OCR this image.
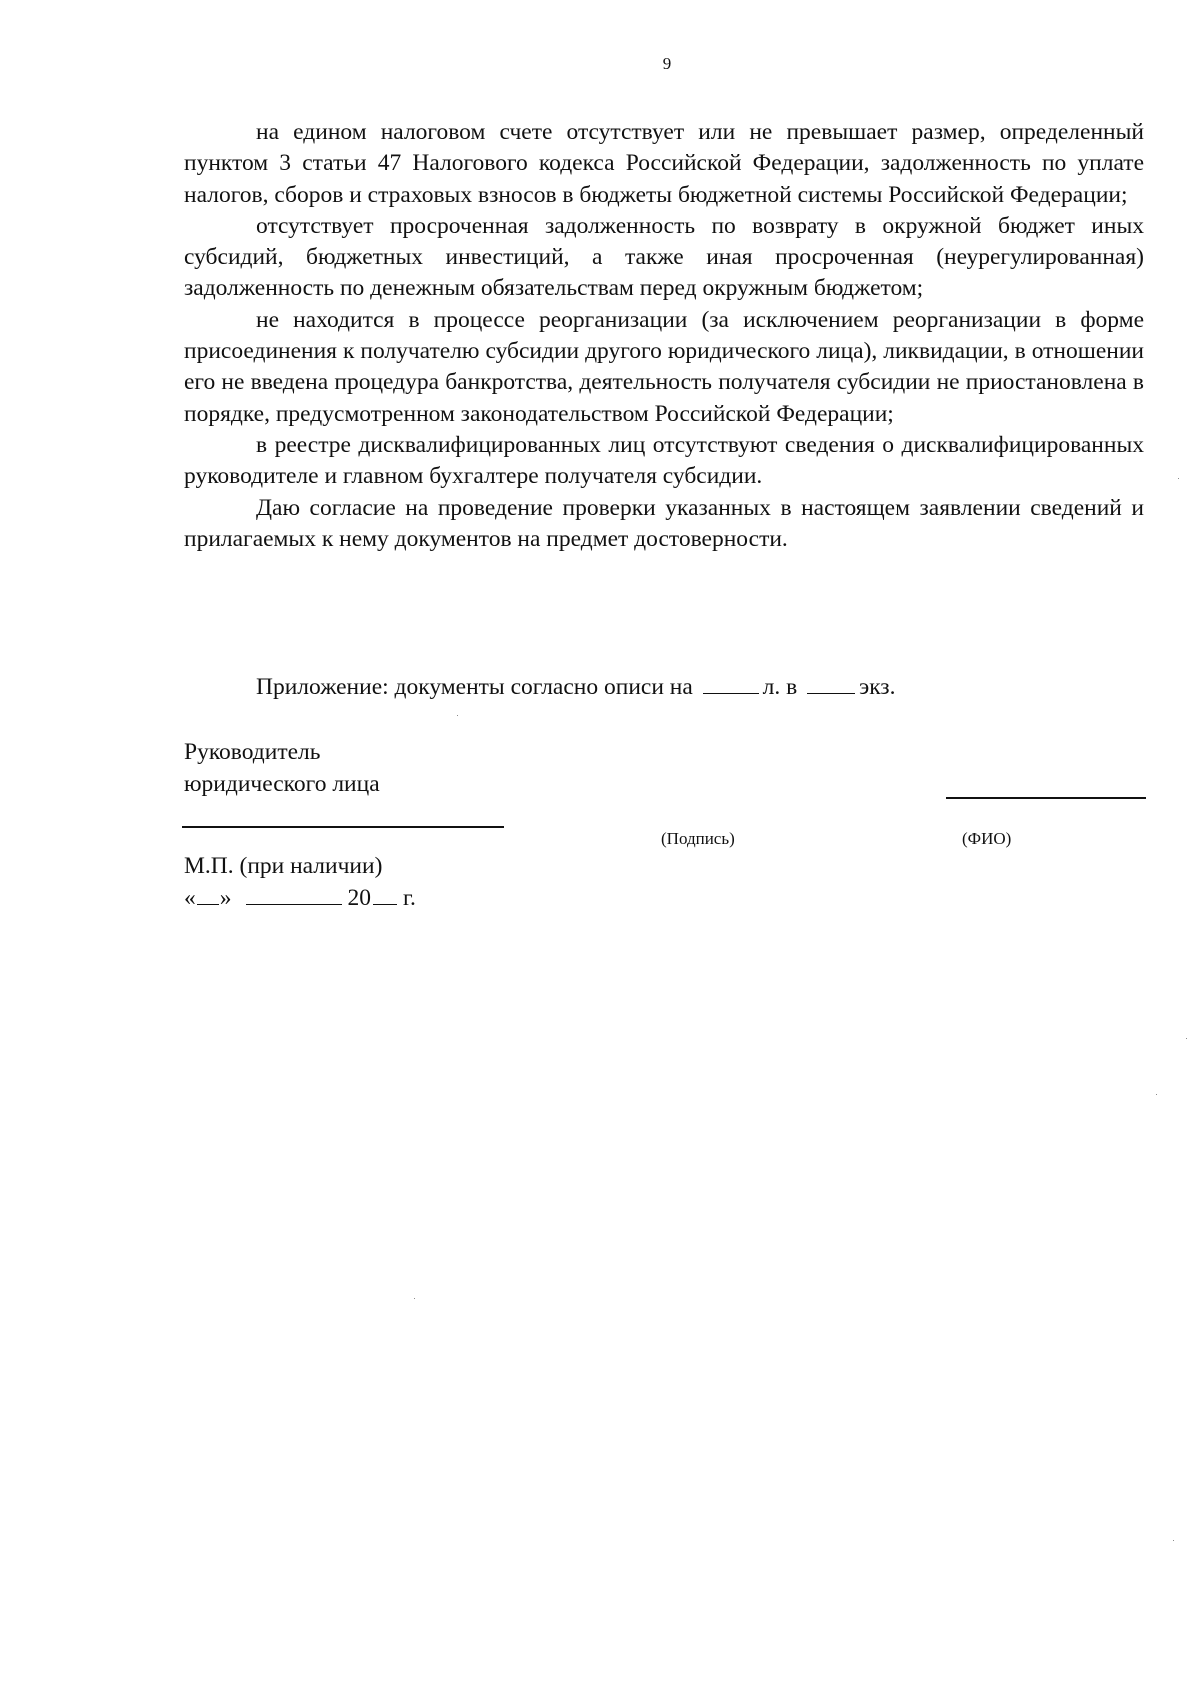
9

на едином налоговом счете отсутствует или не превышает размер, определенный пунктом 3 статьи 47 Налогового кодекса Российской Федерации, задолженность по уплате налогов, сборов и страховых взносов в бюджеты бюджетной системы Российской Федерации;

отсутствует просроченная задолженность по возврату в окружной бюджет иных субсидий, бюджетных инвестиций, а также иная просроченная (неурегулированная) задолженность по денежным обязательствам перед окружным бюджетом;

не находится в процессе реорганизации (за исключением реорганизации в форме присоединения к получателю субсидии другого юридического лица), ликвидации, в отношении его не введена процедура банкротства, деятельность получателя субсидии не приостановлена в порядке, предусмотренном законодательством Российской Федерации;

в реестре дисквалифицированных лиц отсутствуют сведения о дисквалифицированных руководителе и главном бухгалтере получателя субсидии.

Даю согласие на проведение проверки указанных в настоящем заявлении сведений и прилагаемых к нему документов на предмет достоверности.

Приложение: документы согласно описи на	л. в	экз.
Руководитель
юридического лица
(Подпись)	(ФИО)
М.П. (при наличии)
« »	20 г.
